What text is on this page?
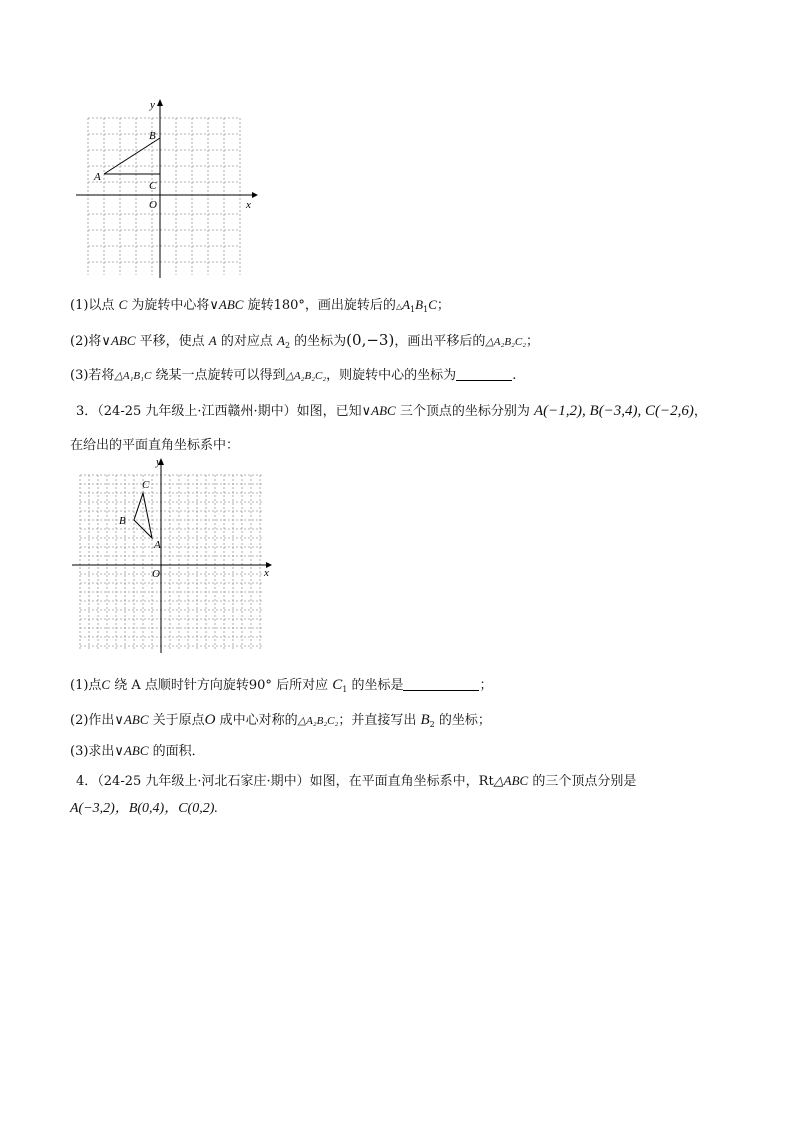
y
x
A
B
C
O
(1)以点 C 为旋转中心将∨ABC 旋转180°，画出旋转后的$\triangle A_1B_1C$；
(2)将∨ABC 平移，使点 A 的对应点 $A_2$ 的坐标为(0,−3)，画出平移后的△A₂B₂C₂；
(3)若将△A₁B₁C 绕某一点旋转可以得到△A₂B₂C₂，则旋转中心的坐标为	.
3．（24-25 九年级上·江西赣州·期中）如图，已知∨ABC 三个顶点的坐标分别为 A(−1,2), B(−3,4), C(−2,6)，
在给出的平面直角坐标系中：
y
x
C
B
A
O
(1)点C 绕 A 点顺时针方向旋转90° 后所对应 $C_1$ 的坐标是	；
(2)作出∨ABC 关于原点O 成中心对称的△A₂B₂C₂；并直接写出 $B_2$ 的坐标；
(3)求出∨ABC 的面积．
4．（24-25 九年级上·河北石家庄·期中）如图，在平面直角坐标系中，Rt△ABC 的三个顶点分别是
A(−3,2)，B(0,4)，C(0,2).
